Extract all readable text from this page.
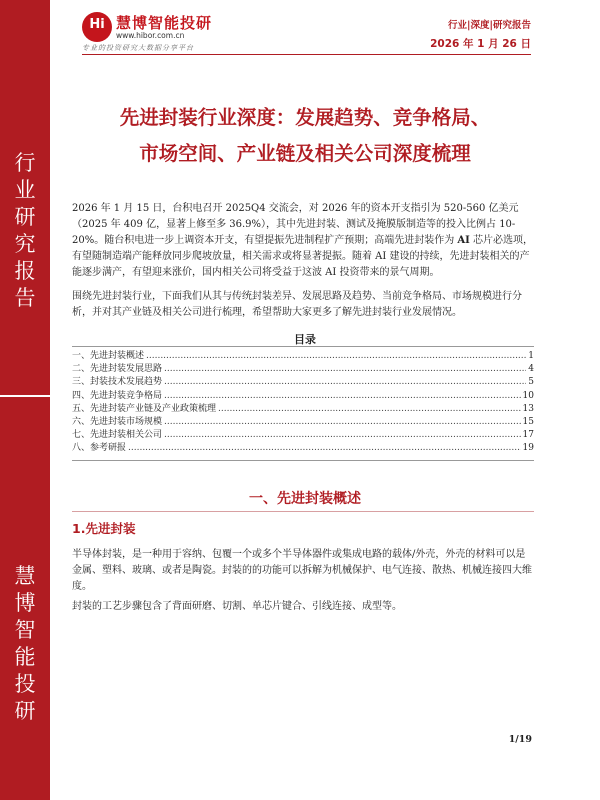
行
业
研
究
报
告
慧
博
智
能
投
研
Hi 慧博智能投研
www.hibor.com.cn
专业的投资研究大数据分享平台
行业|深度|研究报告
2026 年 1 月 26 日
先进封装行业深度：发展趋势、竞争格局、
市场空间、产业链及相关公司深度梳理
2026 年 1 月 15 日，台积电召开 2025Q4 交流会，对 2026 年的资本开支指引为 520-560 亿美元（2025 年 409 亿，显著上修至多 36.9%），其中先进封装、测试及掩膜版制造等的投入比例占 10-20%。随台积电进一步上调资本开支，有望提振先进制程扩产预期；高端先进封装作为 AI 芯片必选项，有望随制造端产能释放同步爬坡放量，相关需求或将显著提振。随着 AI 建设的持续，先进封装相关的产能逐步满产，有望迎来涨价，国内相关公司将受益于这波 AI 投资带来的景气周期。
围绕先进封装行业，下面我们从其与传统封装差异、发展思路及趋势、当前竞争格局、市场规模进行分析，并对其产业链及相关公司进行梳理，希望帮助大家更多了解先进封装行业发展情况。
目录
一、先进封装概述 .....	1
二、先进封装发展思路 .....	4
三、封装技术发展趋势 .....	5
四、先进封装竞争格局 .....	10
五、先进封装产业链及产业政策梳理 .....	13
六、先进封装市场规模 .....	15
七、先进封装相关公司 .....	17
八、参考研报 .....	19
一、先进封装概述
1.先进封装
半导体封装，是一种用于容纳、包覆一个或多个半导体器件或集成电路的载体/外壳，外壳的材料可以是金属、塑料、玻璃、或者是陶瓷。封装的的功能可以拆解为机械保护、电气连接、散热、机械连接四大维度。
封装的工艺步骤包含了背面研磨、切割、单芯片键合、引线连接、成型等。
1/19
